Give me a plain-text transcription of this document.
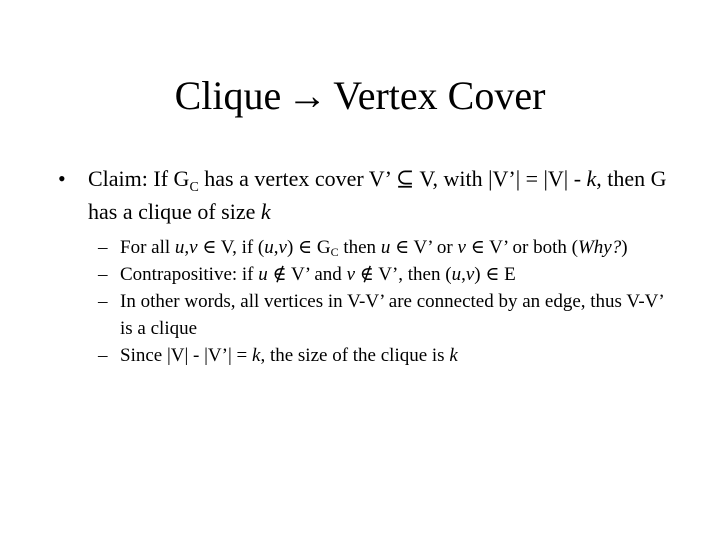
Clique → Vertex Cover
• Claim: If $G_C$ has a vertex cover V’ ⊆ V, with |V’| = |V| - k, then G has a clique of size k
– For all u,v ∈ V, if (u,v) ∈ $G_C$ then u ∈ V’ or v ∈ V’ or both (Why?)
– Contrapositive: if u ∉ V’ and v ∉ V’, then (u,v) ∈ E
– In other words, all vertices in V-V’ are connected by an edge, thus V-V’ is a clique
– Since |V| - |V’| = k, the size of the clique is k
